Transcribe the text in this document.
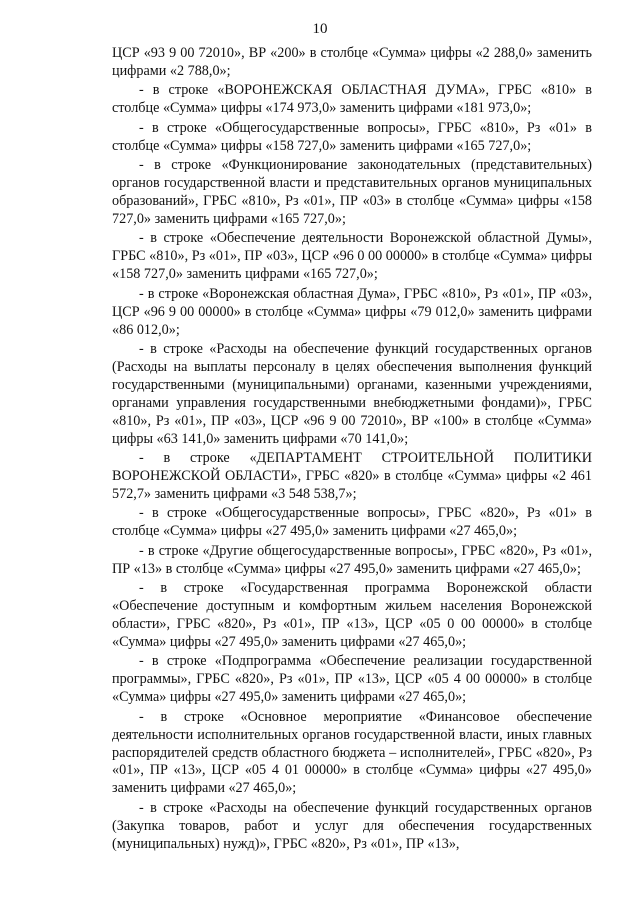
10

ЦСР «93 9 00 72010», ВР «200» в столбце «Сумма» цифры «2 288,0» заменить цифрами «2 788,0»;

- в строке «ВОРОНЕЖСКАЯ ОБЛАСТНАЯ ДУМА», ГРБС «810» в столбце «Сумма» цифры «174 973,0» заменить цифрами «181 973,0»;

- в строке «Общегосударственные вопросы», ГРБС «810», Рз «01» в столбце «Сумма» цифры «158 727,0» заменить цифрами «165 727,0»;

- в строке «Функционирование законодательных (представительных) органов государственной власти и представительных органов муниципальных образований», ГРБС «810», Рз «01», ПР «03» в столбце «Сумма» цифры «158 727,0» заменить цифрами «165 727,0»;

- в строке «Обеспечение деятельности Воронежской областной Думы», ГРБС «810», Рз «01», ПР «03», ЦСР «96 0 00 00000» в столбце «Сумма» цифры «158 727,0» заменить цифрами «165 727,0»;

- в строке «Воронежская областная Дума», ГРБС «810», Рз «01», ПР «03», ЦСР «96 9 00 00000» в столбце «Сумма» цифры «79 012,0» заменить цифрами «86 012,0»;

- в строке «Расходы на обеспечение функций государственных органов (Расходы на выплаты персоналу в целях обеспечения выполнения функций государственными (муниципальными) органами, казенными учреждениями, органами управления государственными внебюджетными фондами)», ГРБС «810», Рз «01», ПР «03», ЦСР «96 9 00 72010», ВР «100» в столбце «Сумма» цифры «63 141,0» заменить цифрами «70 141,0»;

- в строке «ДЕПАРТАМЕНТ СТРОИТЕЛЬНОЙ ПОЛИТИКИ ВОРОНЕЖСКОЙ ОБЛАСТИ», ГРБС «820» в столбце «Сумма» цифры «2 461 572,7» заменить цифрами «3 548 538,7»;

- в строке «Общегосударственные вопросы», ГРБС «820», Рз «01» в столбце «Сумма» цифры «27 495,0» заменить цифрами «27 465,0»;

- в строке «Другие общегосударственные вопросы», ГРБС «820», Рз «01», ПР «13» в столбце «Сумма» цифры «27 495,0» заменить цифрами «27 465,0»;

- в строке «Государственная программа Воронежской области «Обеспечение доступным и комфортным жильем населения Воронежской области», ГРБС «820», Рз «01», ПР «13», ЦСР «05 0 00 00000» в столбце «Сумма» цифры «27 495,0» заменить цифрами «27 465,0»;

- в строке «Подпрограмма «Обеспечение реализации государственной программы», ГРБС «820», Рз «01», ПР «13», ЦСР «05 4 00 00000» в столбце «Сумма» цифры «27 495,0» заменить цифрами «27 465,0»;

- в строке «Основное мероприятие «Финансовое обеспечение деятельности исполнительных органов государственной власти, иных главных распорядителей средств областного бюджета – исполнителей», ГРБС «820», Рз «01», ПР «13», ЦСР «05 4 01 00000» в столбце «Сумма» цифры «27 495,0» заменить цифрами «27 465,0»;

- в строке «Расходы на обеспечение функций государственных органов (Закупка товаров, работ и услуг для обеспечения государственных (муниципальных) нужд)», ГРБС «820», Рз «01», ПР «13»,
